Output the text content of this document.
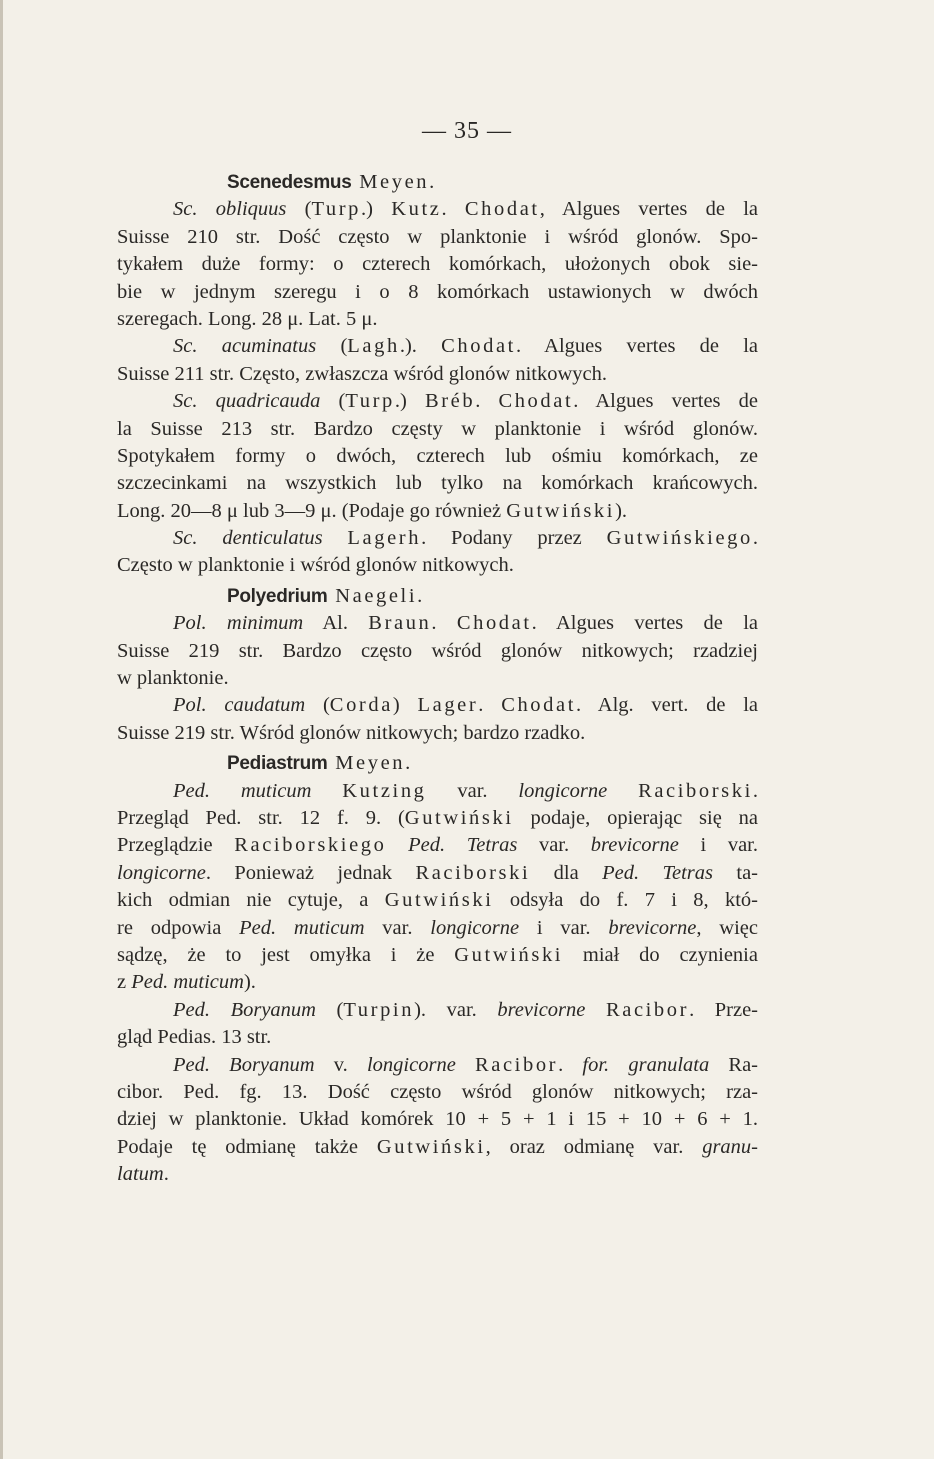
— 35 —
Scenedesmus Meyen.
Sc. obliquus (Turp.) Kutz. Chodat, Algues vertes de la
Suisse 210 str. Dość często w planktonie i wśród glonów. Spo-
tykałem duże formy: o czterech komórkach, ułożonych obok sie-
bie w jednym szeregu i o 8 komórkach ustawionych w dwóch
szeregach. Long. 28 μ. Lat. 5 μ.
Sc. acuminatus (Lagh.). Chodat. Algues vertes de la
Suisse 211 str. Często, zwłaszcza wśród glonów nitkowych.
Sc. quadricauda (Turp.) Bréb. Chodat. Algues vertes de
la Suisse 213 str. Bardzo częsty w planktonie i wśród glonów.
Spotykałem formy o dwóch, czterech lub ośmiu komórkach, ze
szczecinkami na wszystkich lub tylko na komórkach krańcowych.
Long. 20—8 μ lub 3—9 μ. (Podaje go również Gutwiński).
Sc. denticulatus Lagerh. Podany przez Gutwińskiego.
Często w planktonie i wśród glonów nitkowych.
Polyedrium Naegeli.
Pol. minimum Al. Braun. Chodat. Algues vertes de la
Suisse 219 str. Bardzo często wśród glonów nitkowych; rzadziej
w planktonie.
Pol. caudatum (Corda) Lager. Chodat. Alg. vert. de la
Suisse 219 str. Wśród glonów nitkowych; bardzo rzadko.
Pediastrum Meyen.
Ped. muticum Kutzing var. longicorne Raciborski.
Przegląd Ped. str. 12 f. 9. (Gutwiński podaje, opierając się na
Przeglądzie Raciborskiego Ped. Tetras var. brevicorne i var.
longicorne. Ponieważ jednak Raciborski dla Ped. Tetras ta-
kich odmian nie cytuje, a Gutwiński odsyła do f. 7 i 8, któ-
re odpowia Ped. muticum var. longicorne i var. brevicorne, więc
sądzę, że to jest omyłka i że Gutwiński miał do czynienia
z Ped. muticum).
Ped. Boryanum (Turpin). var. brevicorne Racibor. Prze-
gląd Pedias. 13 str.
Ped. Boryanum v. longicorne Racibor. for. granulata Ra-
cibor. Ped. fg. 13. Dość często wśród glonów nitkowych; rza-
dziej w planktonie. Układ komórek 10 + 5 + 1 i 15 + 10 + 6 + 1.
Podaje tę odmianę także Gutwiński, oraz odmianę var. granu-
latum.
